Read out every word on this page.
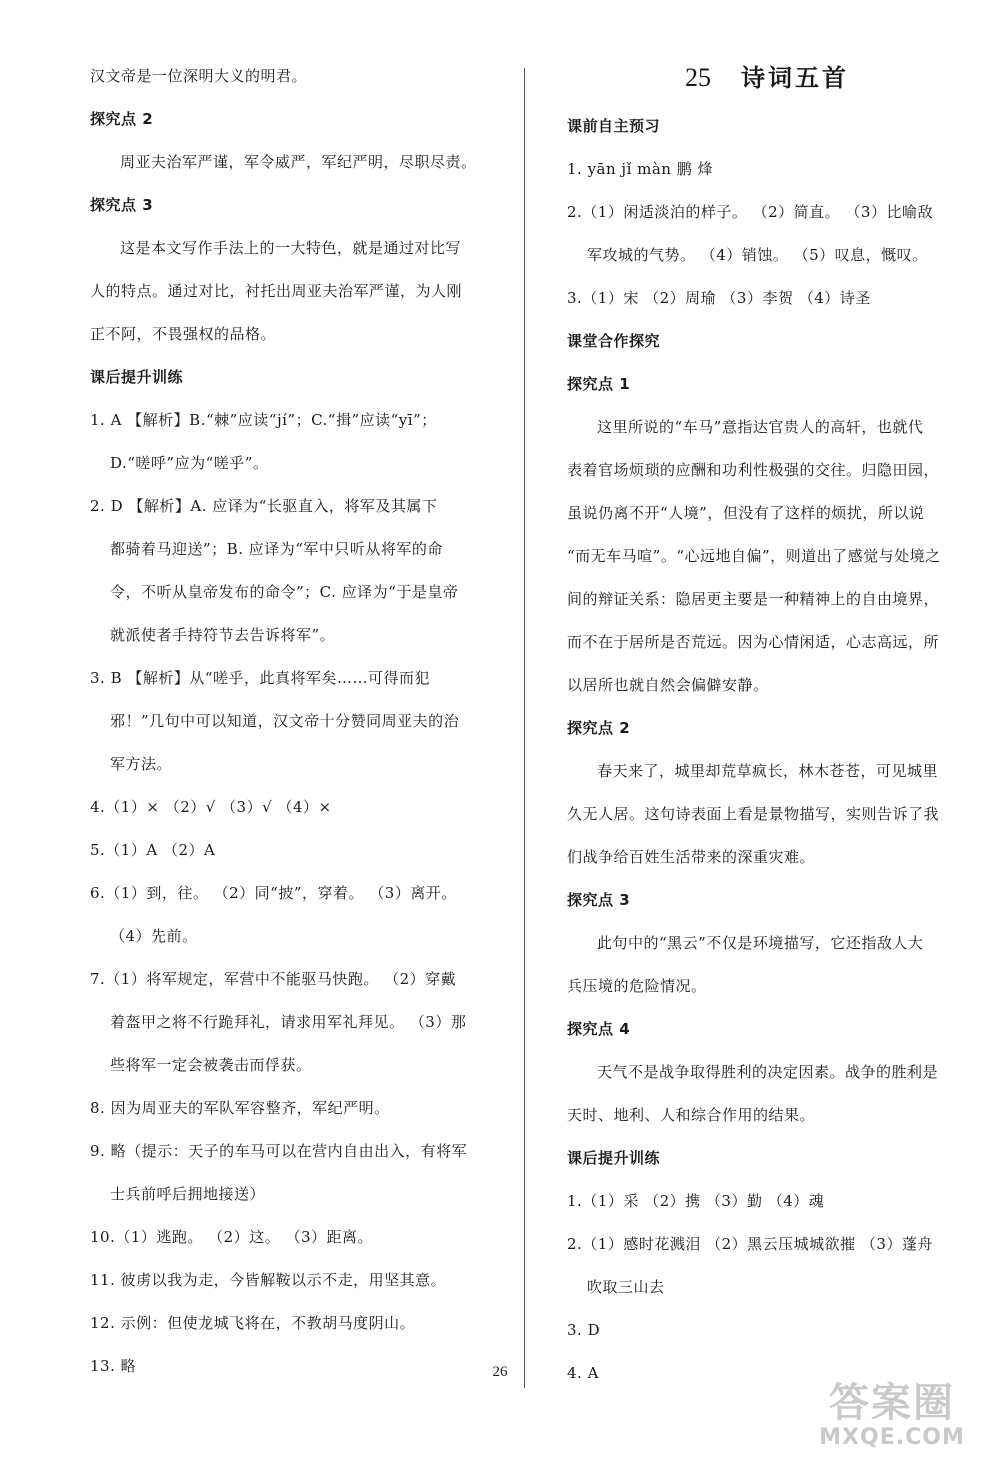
汉文帝是一位深明大义的明君。
探究点 2
周亚夫治军严谨，军令威严，军纪严明，尽职尽责。
探究点 3
这是本文写作手法上的一大特色，就是通过对比写
人的特点。通过对比，衬托出周亚夫治军严谨，为人刚
正不阿，不畏强权的品格。
课后提升训练
1. A 【解析】B.“棘”应读“jí”；C.“揖”应读“yī”；
D.“嗟呼”应为“嗟乎”。
2. D 【解析】A. 应译为“长驱直入，将军及其属下
都骑着马迎送”；B. 应译为“军中只听从将军的命
令，不听从皇帝发布的命令”；C. 应译为“于是皇帝
就派使者手持符节去告诉将军”。
3. B 【解析】从“嗟乎，此真将军矣……可得而犯
邪！”几句中可以知道，汉文帝十分赞同周亚夫的治
军方法。
4.（1）× （2）√ （3）√ （4）×
5.（1）A （2）A
6.（1）到，往。 （2）同“披”，穿着。 （3）离开。
（4）先前。
7.（1）将军规定，军营中不能驱马快跑。 （2）穿戴
着盔甲之将不行跪拜礼，请求用军礼拜见。 （3）那
些将军一定会被袭击而俘获。
8. 因为周亚夫的军队军容整齐，军纪严明。
9. 略（提示：天子的车马可以在营内自由出入，有将军
士兵前呼后拥地接送）
10.（1）逃跑。 （2）这。 （3）距离。
11. 彼虏以我为走，今皆解鞍以示不走，用坚其意。
12. 示例：但使龙城飞将在，不教胡马度阴山。
13. 略
25 诗词五首
课前自主预习
1. yān jǐ màn 鹏 烽
2.（1）闲适淡泊的样子。 （2）简直。 （3）比喻敌
军攻城的气势。 （4）销蚀。 （5）叹息，慨叹。
3.（1）宋 （2）周瑜 （3）李贺 （4）诗圣
课堂合作探究
探究点 1
这里所说的“车马”意指达官贵人的高轩，也就代
表着官场烦琐的应酬和功利性极强的交往。归隐田园，
虽说仍离不开“人境”，但没有了这样的烦扰，所以说
“而无车马喧”。“心远地自偏”，则道出了感觉与处境之
间的辩证关系：隐居更主要是一种精神上的自由境界，
而不在于居所是否荒远。因为心情闲适，心志高远，所
以居所也就自然会偏僻安静。
探究点 2
春天来了，城里却荒草疯长，林木苍苍，可见城里
久无人居。这句诗表面上看是景物描写，实则告诉了我
们战争给百姓生活带来的深重灾难。
探究点 3
此句中的“黑云”不仅是环境描写，它还指敌人大
兵压境的危险情况。
探究点 4
天气不是战争取得胜利的决定因素。战争的胜利是
天时、地利、人和综合作用的结果。
课后提升训练
1.（1）采 （2）携 （3）勤 （4）魂
2.（1）感时花溅泪 （2）黑云压城城欲摧 （3）蓬舟
吹取三山去
3. D
4. A
26
答案圈
MXQE.COM
